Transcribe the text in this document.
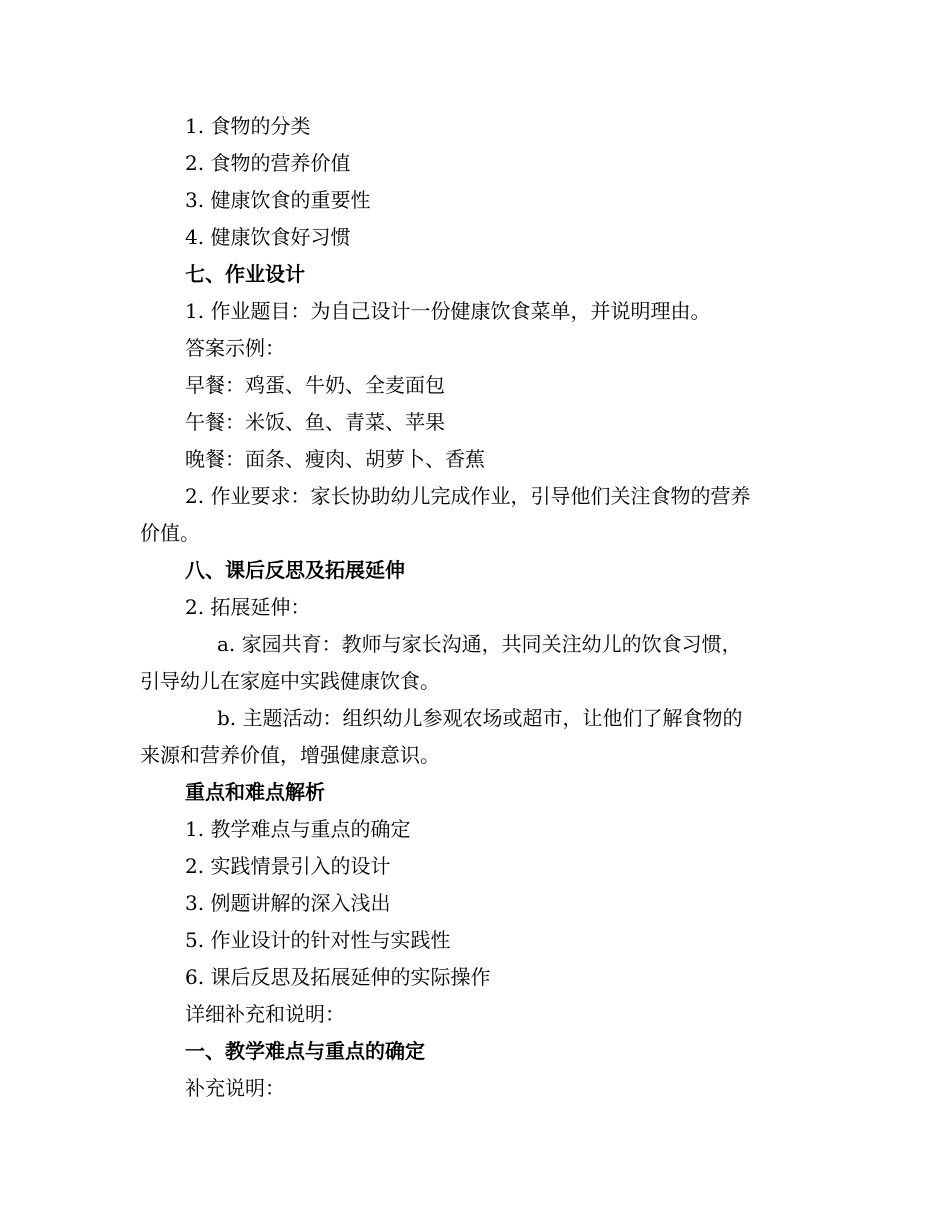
1. 食物的分类
2. 食物的营养价值
3. 健康饮食的重要性
4. 健康饮食好习惯
七、作业设计
1. 作业题目：为自己设计一份健康饮食菜单，并说明理由。
答案示例：
早餐：鸡蛋、牛奶、全麦面包
午餐：米饭、鱼、青菜、苹果
晚餐：面条、瘦肉、胡萝卜、香蕉
2. 作业要求：家长协助幼儿完成作业，引导他们关注食物的营养
价值。
八、课后反思及拓展延伸
2. 拓展延伸：
a. 家园共育：教师与家长沟通，共同关注幼儿的饮食习惯，
引导幼儿在家庭中实践健康饮食。
b. 主题活动：组织幼儿参观农场或超市，让他们了解食物的
来源和营养价值，增强健康意识。
重点和难点解析
1. 教学难点与重点的确定
2. 实践情景引入的设计
3. 例题讲解的深入浅出
5. 作业设计的针对性与实践性
6. 课后反思及拓展延伸的实际操作
详细补充和说明：
一、教学难点与重点的确定
补充说明：
